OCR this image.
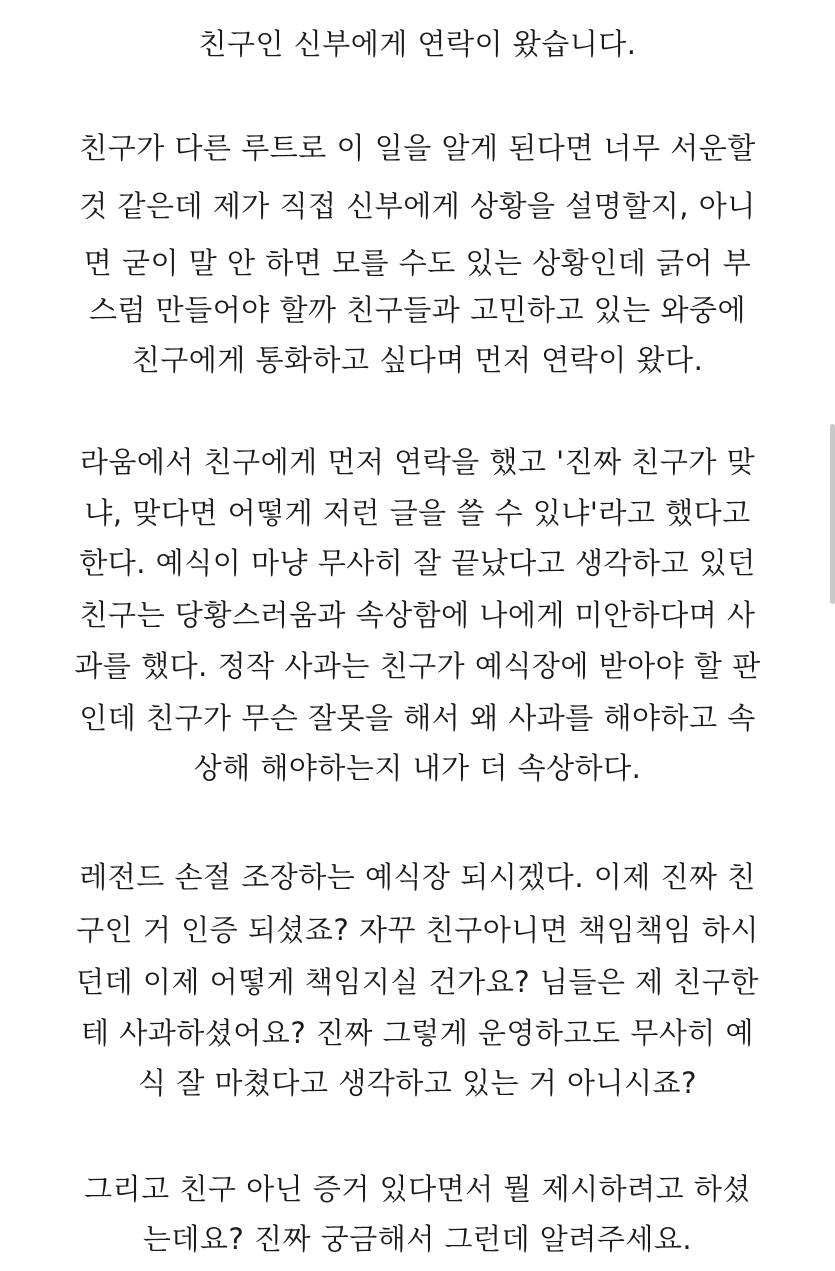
친구인 신부에게 연락이 왔습니다.
친구가 다른 루트로 이 일을 알게 된다면 너무 서운할
것 같은데 제가 직접 신부에게 상황을 설명할지, 아니
면 굳이 말 안 하면 모를 수도 있는 상황인데 긁어 부
스럼 만들어야 할까 친구들과 고민하고 있는 와중에
친구에게 통화하고 싶다며 먼저 연락이 왔다.
라움에서 친구에게 먼저 연락을 했고 '진짜 친구가 맞
냐, 맞다면 어떻게 저런 글을 쓸 수 있냐'라고 했다고
한다. 예식이 마냥 무사히 잘 끝났다고 생각하고 있던
친구는 당황스러움과 속상함에 나에게 미안하다며 사
과를 했다. 정작 사과는 친구가 예식장에 받아야 할 판
인데 친구가 무슨 잘못을 해서 왜 사과를 해야하고 속
상해 해야하는지 내가 더 속상하다.
레전드 손절 조장하는 예식장 되시겠다. 이제 진짜 친
구인 거 인증 되셨죠? 자꾸 친구아니면 책임책임 하시
던데 이제 어떻게 책임지실 건가요? 님들은 제 친구한
테 사과하셨어요? 진짜 그렇게 운영하고도 무사히 예
식 잘 마쳤다고 생각하고 있는 거 아니시죠?
그리고 친구 아닌 증거 있다면서 뭘 제시하려고 하셨
는데요? 진짜 궁금해서 그런데 알려주세요.
